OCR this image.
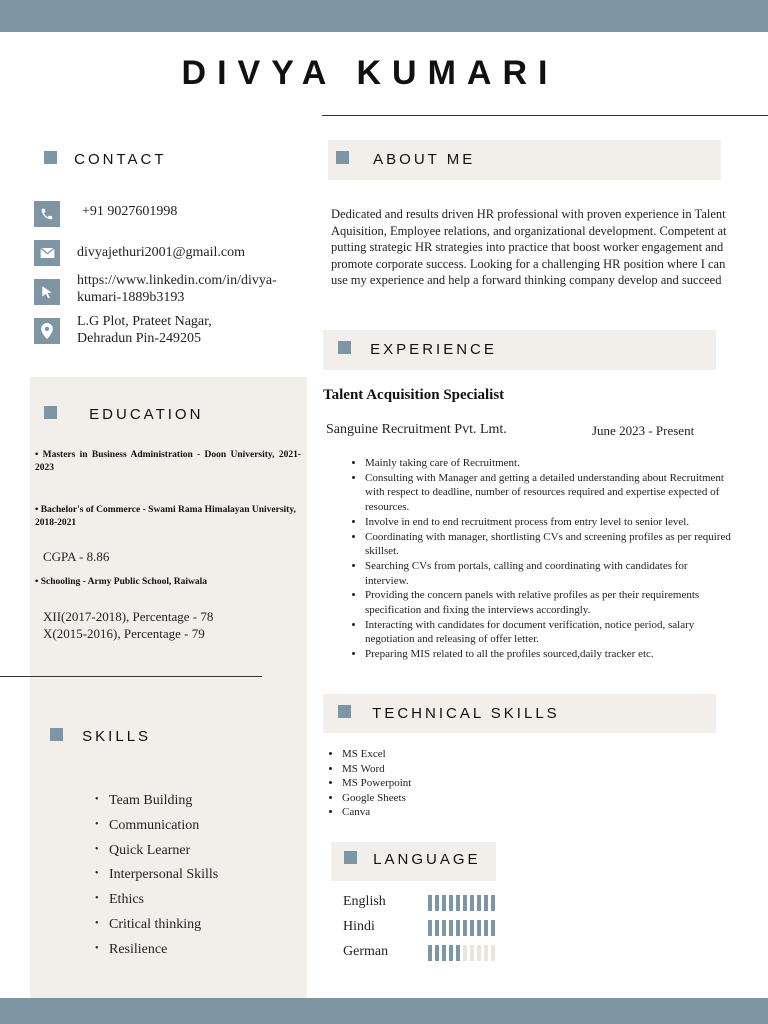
DIVYA KUMARI
CONTACT
+91 9027601998
divyajethuri2001@gmail.com
https://www.linkedin.com/in/divya-
kumari-1889b3193
L.G Plot, Prateet Nagar,
Dehradun Pin-249205
EDUCATION
• Masters in Business Administration - Doon University, 2021-2023
• Bachelor's of Commerce - Swami Rama Himalayan University, 2018-2021
CGPA - 8.86
• Schooling - Army Public School, Raiwala
XII(2017-2018), Percentage - 78
X(2015-2016), Percentage - 79
SKILLS
• Team Building
• Communication
• Quick Learner
• Interpersonal Skills
• Ethics
• Critical thinking
• Resilience
ABOUT ME
Dedicated and results driven HR professional with proven experience in Talent Aquisition, Employee relations, and organizational development. Competent at putting strategic HR strategies into practice that boost worker engagement and promote corporate success. Looking for a challenging HR position where I can use my experience and help a forward thinking company develop and succeed
EXPERIENCE
Talent Acquisition Specialist
Sanguine Recruitment Pvt. Lmt.	June 2023 - Present
• Mainly taking care of Recruitment.
• Consulting with Manager and getting a detailed understanding about Recruitment with respect to deadline, number of resources required and expertise expected of resources.
• Involve in end to end recruitment process from entry level to senior level.
• Coordinating with manager, shortlisting CVs and screening profiles as per required skillset.
• Searching CVs from portals, calling and coordinating with candidates for interview.
• Providing the concern panels with relative profiles as per their requirements specification and fixing the interviews accordingly.
• Interacting with candidates for document verification, notice period, salary negotiation and releasing of offer letter.
• Preparing MIS related to all the profiles sourced,daily tracker etc.
TECHNICAL SKILLS
• MS Excel
• MS Word
• MS Powerpoint
• Google Sheets
• Canva
LANGUAGE
English
Hindi
German
